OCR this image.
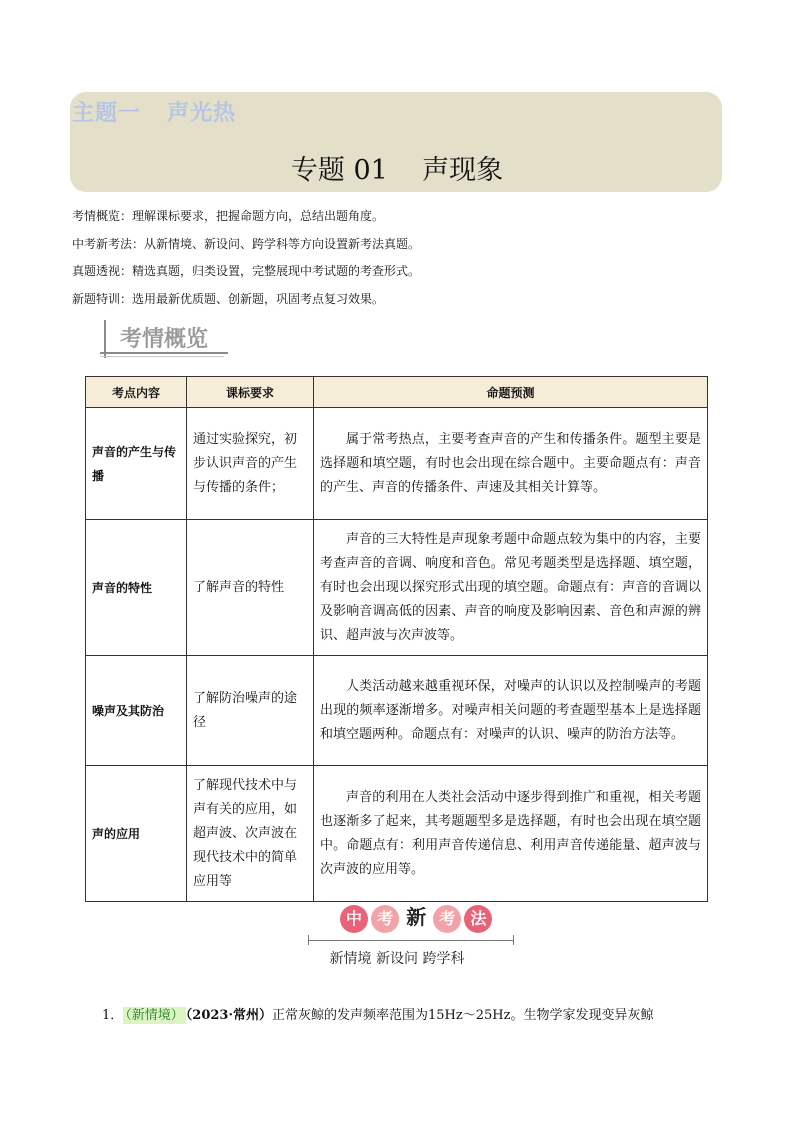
主题一   声光热
专题 01    声现象
考情概览：理解课标要求，把握命题方向，总结出题角度。
中考新考法：从新情境、新设问、跨学科等方向设置新考法真题。
真题透视：精选真题，归类设置，完整展现中考试题的考查形式。
新题特训：选用最新优质题、创新题，巩固考点复习效果。
考情概览
考点内容	课标要求	命题预测
声音的产生与传播	通过实验探究，初步认识声音的产生与传播的条件；	属于常考热点，主要考查声音的产生和传播条件。题型主要是选择题和填空题，有时也会出现在综合题中。主要命题点有：声音的产生、声音的传播条件、声速及其相关计算等。
声音的特性	了解声音的特性	声音的三大特性是声现象考题中命题点较为集中的内容，主要考查声音的音调、响度和音色。常见考题类型是选择题、填空题，有时也会出现以探究形式出现的填空题。命题点有：声音的音调以及影响音调高低的因素、声音的响度及影响因素、音色和声源的辨识、超声波与次声波等。
噪声及其防治	了解防治噪声的途径	人类活动越来越重视环保，对噪声的认识以及控制噪声的考题出现的频率逐渐增多。对噪声相关问题的考查题型基本上是选择题和填空题两种。命题点有：对噪声的认识、噪声的防治方法等。
声的应用	了解现代技术中与声有关的应用，如超声波、次声波在现代技术中的简单应用等	声音的利用在人类社会活动中逐步得到推广和重视，相关考题也逐渐多了起来，其考题题型多是选择题，有时也会出现在填空题中。命题点有：利用声音传递信息、利用声音传递能量、超声波与次声波的应用等。
中 考 新 考 法
新情境 新设问 跨学科
1． （新情境） （2023·常州）正常灰鲸的发声频率范围为15Hz～25Hz。生物学家发现变异灰鲸
